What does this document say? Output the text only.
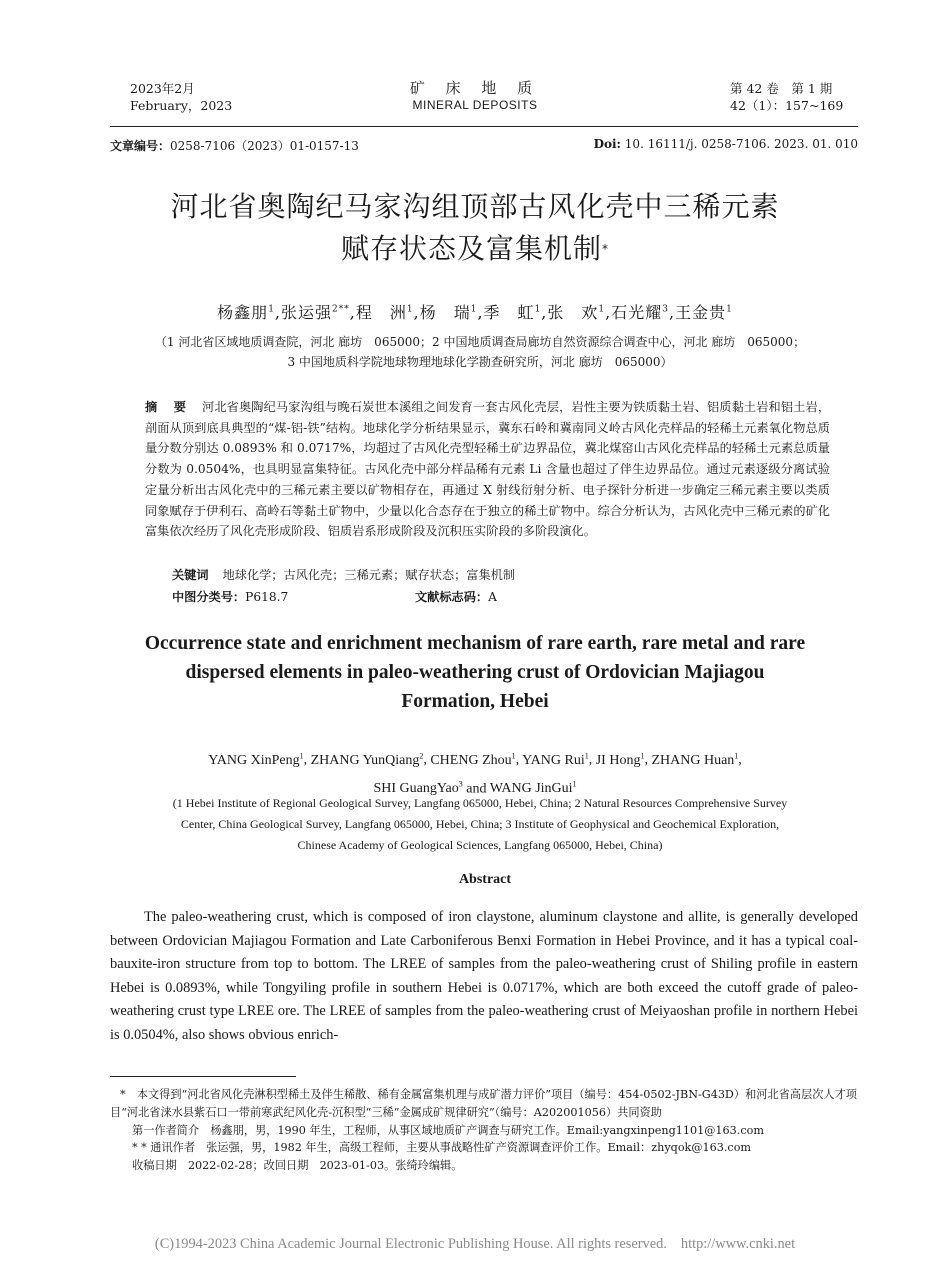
2023年2月
February，2023
矿 床 地 质
MINERAL DEPOSITS
第 42 卷　第 1 期
42（1）：157~169
文章编号：0258-7106（2023）01-0157-13	Doi: 10. 16111/j. 0258-7106. 2023. 01. 010
河北省奥陶纪马家沟组顶部古风化壳中三稀元素
赋存状态及富集机制*
杨鑫朋$^1$,张运强$^{2**}$,程　洲$^1$,杨　瑞$^1$,季　虹$^1$,张　欢$^1$,石光耀$^3$,王金贵$^1$
（1 河北省区域地质调查院，河北 廊坊　065000；2 中国地质调查局廊坊自然资源综合调查中心，河北 廊坊　065000；
3 中国地质科学院地球物理地球化学勘查研究所，河北 廊坊　065000）
摘 要 河北省奥陶纪马家沟组与晚石炭世本溪组之间发育一套古风化壳层，岩性主要为铁质黏土岩、铝质黏土岩和铝土岩，剖面从顶到底具典型的“煤-铝-铁”结构。地球化学分析结果显示，冀东石岭和冀南同义岭古风化壳样品的轻稀土元素氧化物总质量分数分别达 0.0893% 和 0.0717%，均超过了古风化壳型轻稀土矿边界品位，冀北煤窑山古风化壳样品的轻稀土元素总质量分数为 0.0504%，也具明显富集特征。古风化壳中部分样品稀有元素 Li 含量也超过了伴生边界品位。通过元素逐级分离试验定量分析出古风化壳中的三稀元素主要以矿物相存在，再通过 X 射线衍射分析、电子探针分析进一步确定三稀元素主要以类质同象赋存于伊利石、高岭石等黏土矿物中，少量以化合态存在于独立的稀土矿物中。综合分析认为，古风化壳中三稀元素的矿化富集依次经历了风化壳形成阶段、铝质岩系形成阶段及沉积压实阶段的多阶段演化。
关键词 地球化学；古风化壳；三稀元素；赋存状态；富集机制
中图分类号：P618.7	文献标志码：A
Occurrence state and enrichment mechanism of rare earth, rare metal and rare
dispersed elements in paleo-weathering crust of Ordovician Majiagou
Formation, Hebei
YANG XinPeng$^1$, ZHANG YunQiang$^2$, CHENG Zhou$^1$, YANG Rui$^1$, JI Hong$^1$, ZHANG Huan$^1$,
SHI GuangYao$^3$ and WANG JinGui$^1$
(1 Hebei Institute of Regional Geological Survey, Langfang 065000, Hebei, China; 2 Natural Resources Comprehensive Survey
Center, China Geological Survey, Langfang 065000, Hebei, China; 3 Institute of Geophysical and Geochemical Exploration,
Chinese Academy of Geological Sciences, Langfang 065000, Hebei, China)
Abstract
The paleo-weathering crust, which is composed of iron claystone, aluminum claystone and allite, is generally developed between Ordovician Majiagou Formation and Late Carboniferous Benxi Formation in Hebei Province, and it has a typical coal-bauxite-iron structure from top to bottom. The LREE of samples from the paleo-weathering crust of Shiling profile in eastern Hebei is 0.0893%, while Tongyiling profile in southern Hebei is 0.0717%, which are both exceed the cutoff grade of paleo-weathering crust type LREE ore. The LREE of samples from the paleo-weathering crust of Meiyaoshan profile in northern Hebei is 0.0504%, also shows obvious enrich-

*　本文得到“河北省风化壳淋积型稀土及伴生稀散、稀有金属富集机理与成矿潜力评价”项目（编号：454-0502-JBN-G43D）和河北省高层次人才项目“河北省涞水县紫石口一带前寒武纪风化壳-沉积型“三稀”金属成矿规律研究”（编号：A202001056）共同资助

第一作者简介　杨鑫朋，男，1990 年生，工程师，从事区域地质矿产调查与研究工作。Email:yangxinpeng1101@163.com

* * 通讯作者　张运强，男，1982 年生，高级工程师，主要从事战略性矿产资源调查评价工作。Email：zhyqok@163.com

收稿日期　2022-02-28；改回日期　2023-01-03。张绮玲编辑。

(C)1994-2023 China Academic Journal Electronic Publishing House. All rights reserved. http://www.cnki.net
